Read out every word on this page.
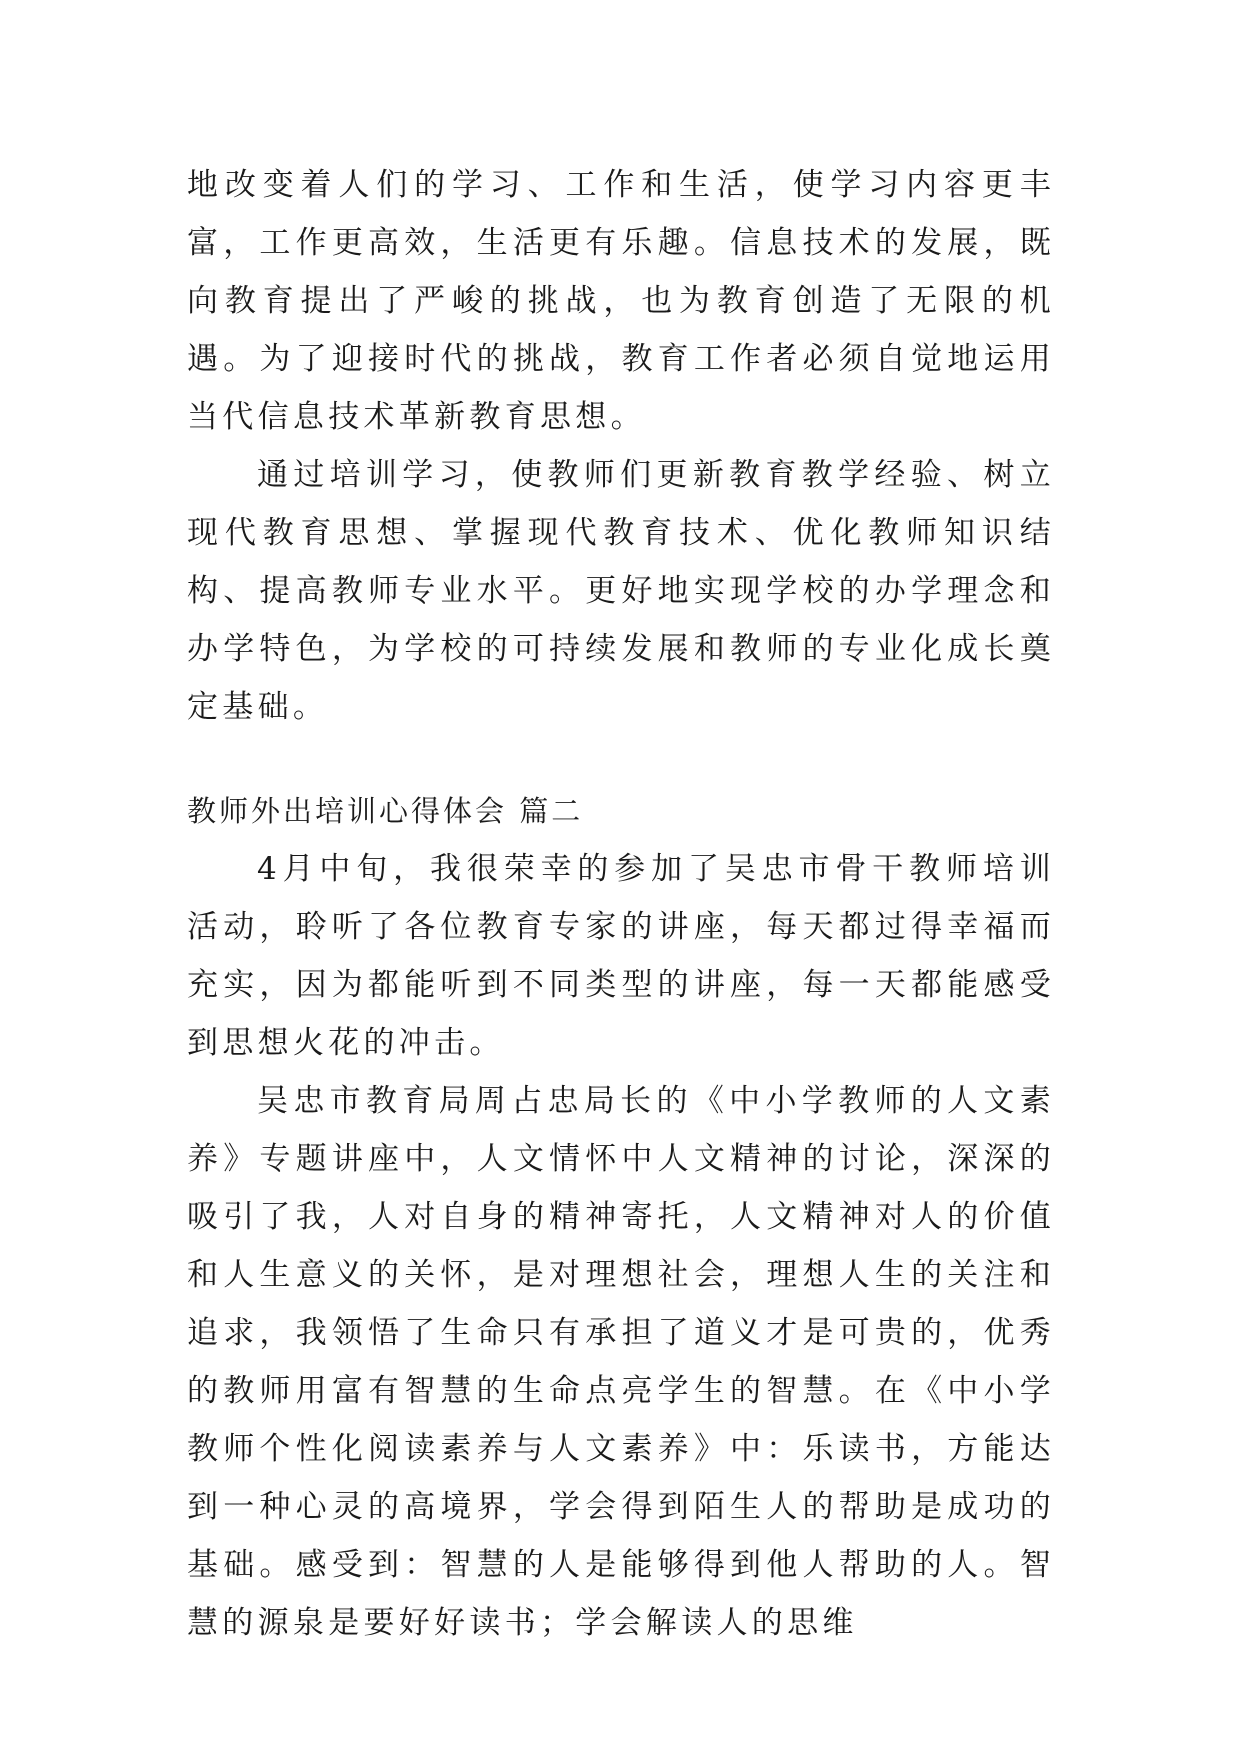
地改变着人们的学习、工作和生活，使学习内容更丰富，工作更高效，生活更有乐趣。信息技术的发展，既向教育提出了严峻的挑战，也为教育创造了无限的机遇。为了迎接时代的挑战，教育工作者必须自觉地运用当代信息技术革新教育思想。

通过培训学习，使教师们更新教育教学经验、树立现代教育思想、掌握现代教育技术、优化教师知识结构、提高教师专业水平。更好地实现学校的办学理念和办学特色，为学校的可持续发展和教师的专业化成长奠定基础。

教师外出培训心得体会 篇二

4月中旬，我很荣幸的参加了吴忠市骨干教师培训活动，聆听了各位教育专家的讲座，每天都过得幸福而充实，因为都能听到不同类型的讲座，每一天都能感受到思想火花的冲击。

吴忠市教育局周占忠局长的《中小学教师的人文素养》专题讲座中，人文情怀中人文精神的讨论，深深的吸引了我，人对自身的精神寄托，人文精神对人的价值和人生意义的关怀，是对理想社会，理想人生的关注和追求，我领悟了生命只有承担了道义才是可贵的，优秀的教师用富有智慧的生命点亮学生的智慧。在《中小学教师个性化阅读素养与人文素养》中：乐读书，方能达到一种心灵的高境界，学会得到陌生人的帮助是成功的基础。感受到：智慧的人是能够得到他人帮助的人。智慧的源泉是要好好读书；学会解读人的思维
